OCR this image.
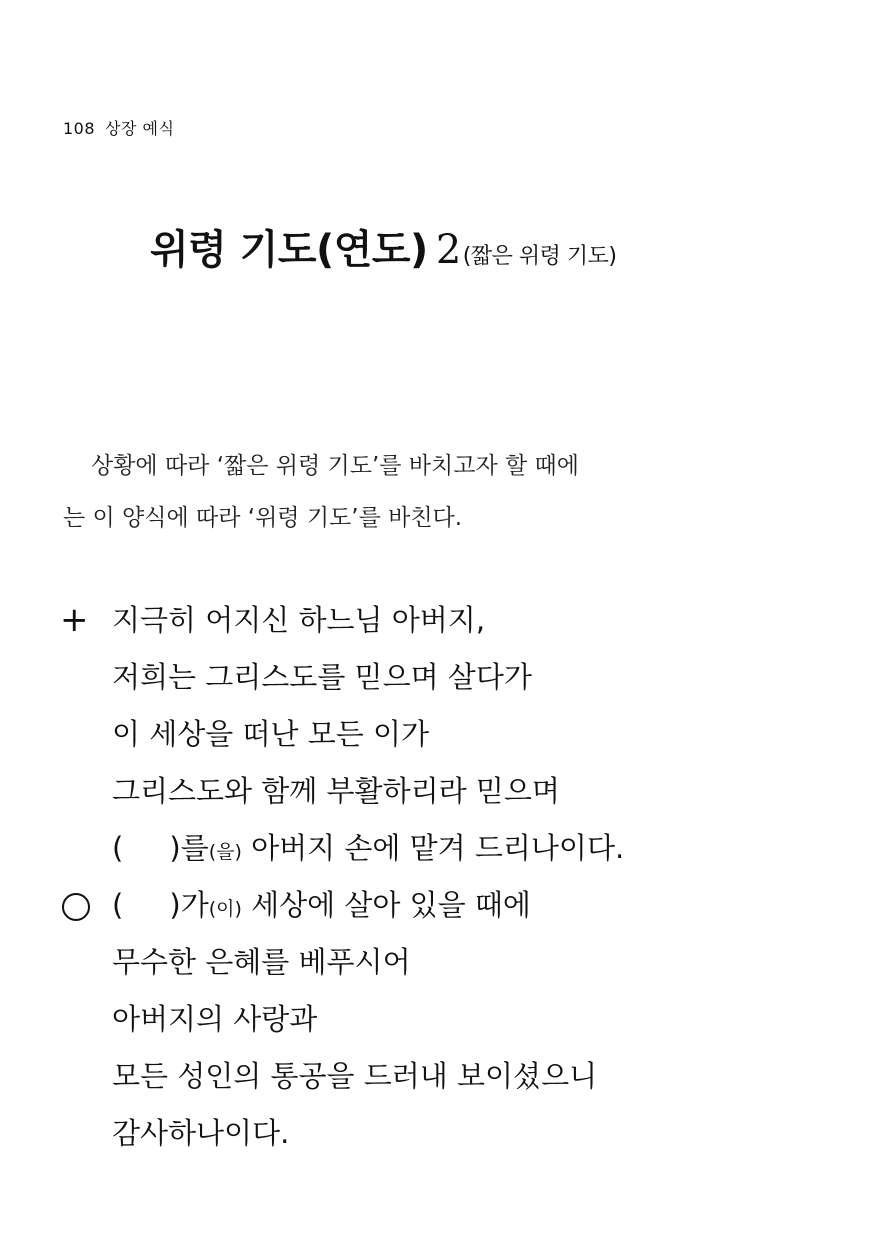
108 상장 예식
위령 기도(연도) 2(짧은 위령 기도)
상황에 따라 ‘짧은 위령 기도’를 바치고자 할 때에
는 이 양식에 따라 ‘위령 기도’를 바친다.
+ 지극히 어지신 하느님 아버지,
저희는 그리스도를 믿으며 살다가
이 세상을 떠난 모든 이가
그리스도와 함께 부활하리라 믿으며
(     )를(을) 아버지 손에 맡겨 드리나이다.
(     )가(이) 세상에 살아 있을 때에
무수한 은혜를 베푸시어
아버지의 사랑과
모든 성인의 통공을 드러내 보이셨으니
감사하나이다.
